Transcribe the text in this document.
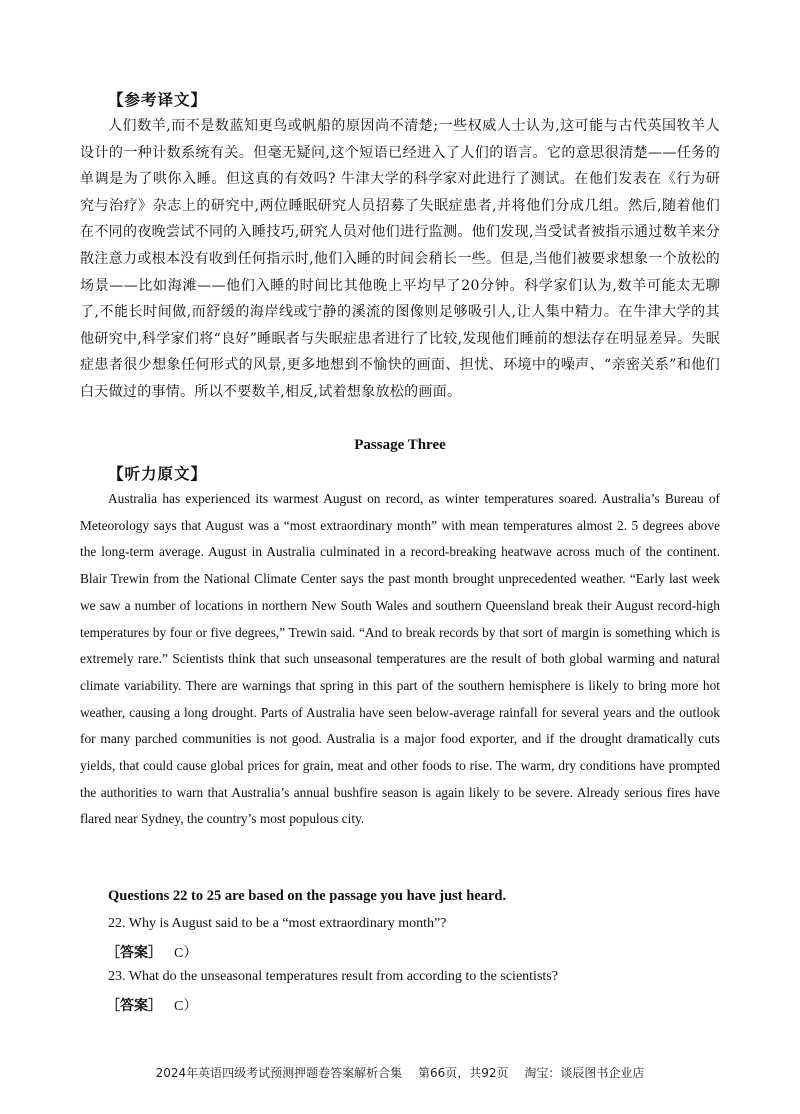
【参考译文】

人们数羊,而不是数蓝知更鸟或帆船的原因尚不清楚;一些权威人士认为,这可能与古代英国牧羊人设计的一种计数系统有关。但毫无疑问,这个短语已经进入了人们的语言。它的意思很清楚——任务的单调是为了哄你入睡。但这真的有效吗? 牛津大学的科学家对此进行了测试。在他们发表在《行为研究与治疗》杂志上的研究中,两位睡眠研究人员招募了失眠症患者,并将他们分成几组。然后,随着他们在不同的夜晚尝试不同的入睡技巧,研究人员对他们进行监测。他们发现,当受试者被指示通过数羊来分散注意力或根本没有收到任何指示时,他们入睡的时间会稍长一些。但是,当他们被要求想象一个放松的场景——比如海滩——他们入睡的时间比其他晚上平均早了20分钟。科学家们认为,数羊可能太无聊了,不能长时间做,而舒缓的海岸线或宁静的溪流的图像则足够吸引人,让人集中精力。在牛津大学的其他研究中,科学家们将“良好”睡眠者与失眠症患者进行了比较,发现他们睡前的想法存在明显差异。失眠症患者很少想象任何形式的风景,更多地想到不愉快的画面、担忧、环境中的噪声、“亲密关系”和他们白天做过的事情。所以不要数羊,相反,试着想象放松的画面。

Passage Three
【听力原文】

Australia has experienced its warmest August on record, as winter temperatures soared. Australia’s Bureau of Meteorology says that August was a “most extraordinary month” with mean temperatures almost 2. 5 degrees above the long-term average. August in Australia culminated in a record-breaking heatwave across much of the continent. Blair Trewin from the National Climate Center says the past month brought unprecedented weather. “Early last week we saw a number of locations in northern New South Wales and southern Queensland break their August record-high temperatures by four or five degrees,” Trewin said. “And to break records by that sort of margin is something which is extremely rare.” Scientists think that such unseasonal temperatures are the result of both global warming and natural climate variability. There are warnings that spring in this part of the southern hemisphere is likely to bring more hot weather, causing a long drought. Parts of Australia have seen below-average rainfall for several years and the outlook for many parched communities is not good. Australia is a major food exporter, and if the drought dramatically cuts yields, that could cause global prices for grain, meat and other foods to rise. The warm, dry conditions have prompted the authorities to warn that Australia’s annual bushfire season is again likely to be severe. Already serious fires have flared near Sydney, the country’s most populous city.

Questions 22 to 25 are based on the passage you have just heard.
22. Why is August said to be a “most extraordinary month”?
［答案］ C）
23. What do the unseasonal temperatures result from according to the scientists?
［答案］ C）
2024年英语四级考试预测押题卷答案解析合集 第66页，共92页 淘宝：谈辰图书企业店
